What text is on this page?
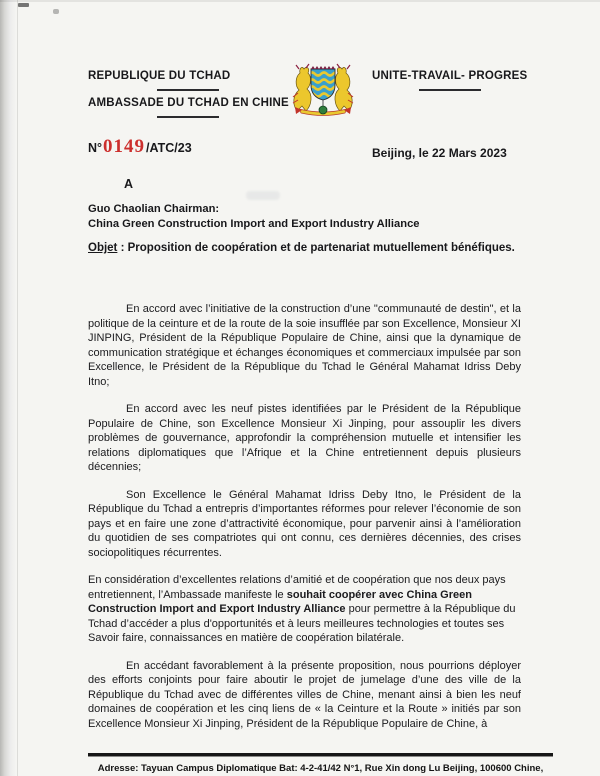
REPUBLIQUE DU TCHAD
AMBASSADE DU TCHAD EN CHINE
UNITE-TRAVAIL- PROGRES
N° 0149 /ATC/23	Beijing, le 22 Mars 2023
A
Guo Chaolian Chairman:
China Green Construction Import and Export Industry Alliance
Objet : Proposition de coopération et de partenariat mutuellement bénéfiques.

En accord avec l’initiative de la construction d’une "communauté de destin", et la politique de la ceinture et de la route de la soie insufflée par son Excellence, Monsieur XI JINPING, Président de la République Populaire de Chine, ainsi que la dynamique de communication stratégique et échanges économiques et commerciaux impulsée par son Excellence, le Président de la République du Tchad le Général Mahamat Idriss Deby Itno;

En accord avec les neuf pistes identifiées par le Président de la République Populaire de Chine, son Excellence Monsieur Xi Jinping, pour assouplir les divers problèmes de gouvernance, approfondir la compréhension mutuelle et intensifier les relations diplomatiques que l’Afrique et la Chine entretiennent depuis plusieurs décennies;

Son Excellence le Général Mahamat Idriss Deby Itno, le Président de la République du Tchad a entrepris d’importantes réformes pour relever l’économie de son pays et en faire une zone d’attractivité économique, pour parvenir ainsi à l’amélioration du quotidien de ses compatriotes qui ont connu, ces dernières décennies, des crises sociopolitiques récurrentes.

En considération d’excellentes relations d’amitié et de coopération que nos deux pays entretiennent, l’Ambassade manifeste le souhait coopérer avec China Green Construction Import and Export Industry Alliance pour permettre à la République du Tchad d’accéder a plus d'opportunités et à leurs meilleures technologies et toutes ses Savoir faire, connaissances en matière de coopération bilatérale.

En accédant favorablement à la présente proposition, nous pourrions déployer des efforts conjoints pour faire aboutir le projet de jumelage d’une des ville de la République du Tchad avec de différentes villes de Chine, menant ainsi à bien les neuf domaines de coopération et les cinq liens de « la Ceinture et la Route » initiés par son Excellence Monsieur Xi Jinping, Président de la République Populaire de Chine, à

Adresse: Tayuan Campus Diplomatique Bat: 4-2-41/42 N°1, Rue Xin dong Lu Beijing, 100600 Chine,
